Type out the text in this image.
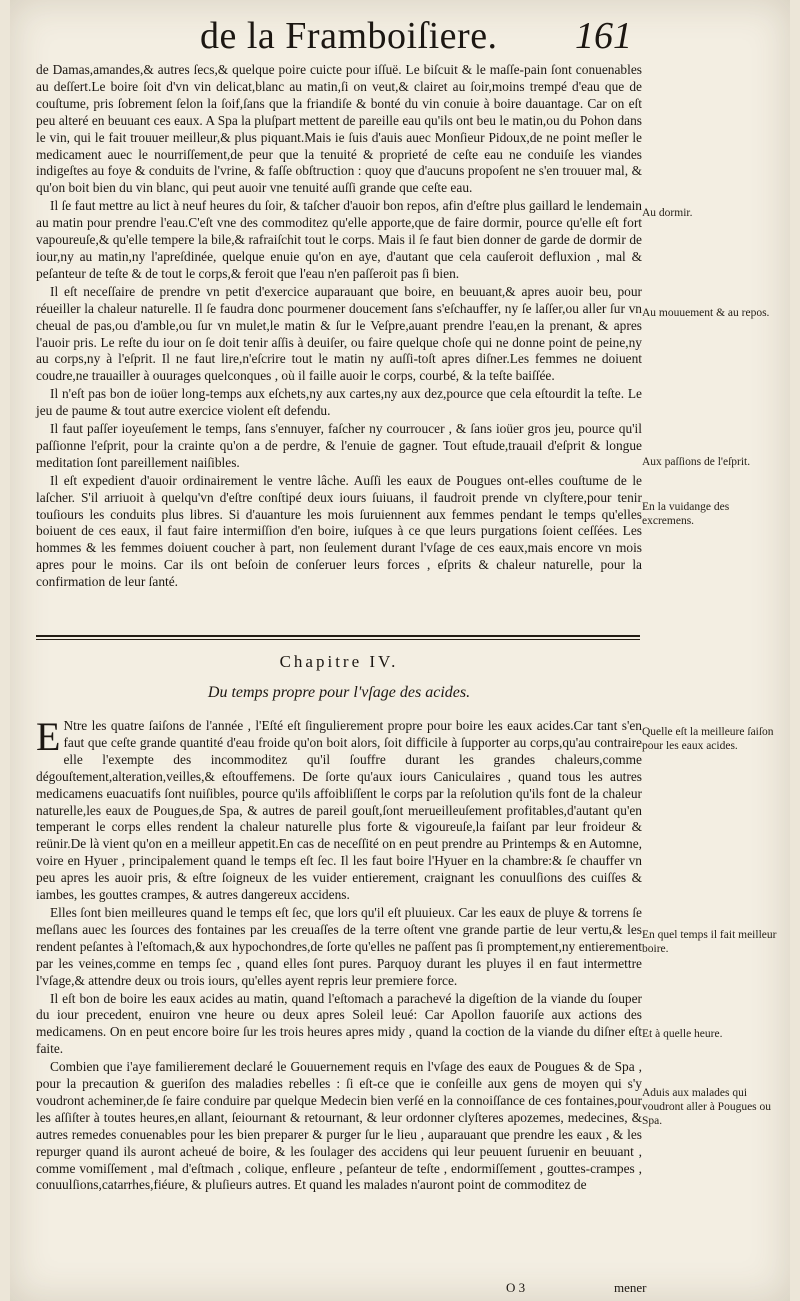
de la Framboiſiere. 161

de Damas,amandes,& autres ſecs,& quelque poire cuicte pour iſſuë. Le biſcuit & le maſſe-pain ſont conuenables au deſſert.Le boire ſoit d'vn vin delicat,blanc au matin,ſi on veut,& clairet au ſoir,moins trempé d'eau que de couſtume, pris ſobrement ſelon la ſoif,ſans que la friandiſe & bonté du vin conuie à boire dauantage. Car on eſt peu alteré en beuuant ces eaux. A Spa la pluſpart mettent de pareille eau qu'ils ont beu le matin,ou du Pohon dans le vin, qui le fait trouuer meilleur,& plus piquant.Mais ie ſuis d'auis auec Monſieur Pidoux,de ne point meſler le medicament auec le nourriſſement,de peur que la tenuité & proprieté de ceſte eau ne conduiſe les viandes indigeſtes au foye & conduits de l'vrine, & faſſe obſtruction : quoy que d'aucuns propoſent ne s'en trouuer mal, & qu'on boit bien du vin blanc, qui peut auoir vne tenuité auſſi grande que ceſte eau.

Il ſe faut mettre au lict à neuf heures du ſoir, & taſcher d'auoir bon repos, afin d'eſtre plus gaillard le lendemain au matin pour prendre l'eau.C'eſt vne des commoditez qu'elle apporte,que de faire dormir, pource qu'elle eſt fort vapoureuſe,& qu'elle tempere la bile,& rafraiſchit tout le corps. Mais il ſe faut bien donner de garde de dormir de iour,ny au matin,ny l'apreſdinée, quelque enuie qu'on en aye, d'autant que cela cauſeroit defluxion , mal & peſanteur de teſte & de tout le corps,& feroit que l'eau n'en paſſeroit pas ſi bien.

Il eſt neceſſaire de prendre vn petit d'exercice auparauant que boire, en beuuant,& apres auoir beu, pour réueiller la chaleur naturelle. Il ſe faudra donc pourmener doucement ſans s'eſchauffer, ny ſe laſſer,ou aller ſur vn cheual de pas,ou d'amble,ou ſur vn mulet,le matin & ſur le Veſpre,auant prendre l'eau,en la prenant, & apres l'auoir pris. Le reſte du iour on ſe doit tenir aſſis à deuiſer, ou faire quelque choſe qui ne donne point de peine,ny au corps,ny à l'eſprit. Il ne faut lire,n'eſcrire tout le matin ny auſſi-toſt apres diſner.Les femmes ne doiuent coudre,ne trauailler à ouurages quelconques , où il faille auoir le corps, courbé, & la teſte baiſſée.

Il n'eſt pas bon de ioüer long-temps aux eſchets,ny aux cartes,ny aux dez,pource que cela eſtourdit la teſte. Le jeu de paume & tout autre exercice violent eſt defendu.

Il faut paſſer ioyeuſement le temps, ſans s'ennuyer, faſcher ny courroucer , & ſans ioüer gros jeu, pource qu'il paſſionne l'eſprit, pour la crainte qu'on a de perdre, & l'enuie de gagner. Tout eſtude,trauail d'eſprit & longue meditation ſont pareillement naiſibles.

Il eſt expedient d'auoir ordinairement le ventre lâche. Auſſi les eaux de Pougues ont-elles couſtume de le laſcher. S'il arriuoit à quelqu'vn d'eſtre conſtipé deux iours ſuiuans, il faudroit prende vn clyſtere,pour tenir touſiours les conduits plus libres. Si d'auanture les mois ſuruiennent aux femmes pendant le temps qu'elles boiuent de ces eaux, il faut faire intermiſſion d'en boire, iuſques à ce que leurs purgations ſoient ceſſées. Les hommes & les femmes doiuent coucher à part, non ſeulement durant l'vſage de ces eaux,mais encore vn mois apres pour le moins. Car ils ont beſoin de conſeruer leurs forces , eſprits & chaleur naturelle, pour la confirmation de leur ſanté.

Chapitre IV.
Du temps propre pour l'vſage des acides.

E Ntre les quatre ſaiſons de l'année , l'Eſté eſt ſingulierement propre pour boire les eaux acides.Car tant s'en faut que ceſte grande quantité d'eau froide qu'on boit alors, ſoit difficile à ſupporter au corps,qu'au contraire elle l'exempte des incommoditez qu'il ſouffre durant les grandes chaleurs,comme dégouſtement,alteration,veilles,& eſtouffemens. De ſorte qu'aux iours Caniculaires , quand tous les autres medicamens euacuatifs ſont nuiſibles, pource qu'ils affoibliſſent le corps par la reſolution qu'ils font de la chaleur naturelle,les eaux de Pougues,de Spa, & autres de pareil gouſt,ſont merueilleuſement profitables,d'autant qu'en temperant le corps elles rendent la chaleur naturelle plus forte & vigoureuſe,la faiſant par leur froideur & reünir.De là vient qu'on en a meilleur appetit.En cas de neceſſité on en peut prendre au Printemps & en Automne, voire en Hyuer , principalement quand le temps eſt ſec. Il les faut boire l'Hyuer en la chambre:& ſe chauffer vn peu apres les auoir pris, & eſtre ſoigneux de les vuider entierement, craignant les conuulſions des cuiſſes & iambes, les gouttes crampes, & autres dangereux accidens.

Elles ſont bien meilleures quand le temps eſt ſec, que lors qu'il eſt pluuieux. Car les eaux de pluye & torrens ſe meſlans auec les ſources des fontaines par les creuaſſes de la terre oſtent vne grande partie de leur vertu,& les rendent peſantes à l'eſtomach,& aux hypochondres,de ſorte qu'elles ne paſſent pas ſi promptement,ny entierement par les veines,comme en temps ſec , quand elles ſont pures. Parquoy durant les pluyes il en faut intermettre l'vſage,& attendre deux ou trois iours, qu'elles ayent repris leur premiere force.

Il eſt bon de boire les eaux acides au matin, quand l'eſtomach a parachevé la digeſtion de la viande du ſouper du iour precedent, enuiron vne heure ou deux apres Soleil leué: Car Apollon fauoriſe aux actions des medicamens. On en peut encore boire ſur les trois heures apres midy , quand la coction de la viande du diſner eſt faite.

Combien que i'aye familierement declaré le Gouuernement requis en l'vſage des eaux de Pougues & de Spa , pour la precaution & gueriſon des maladies rebelles : ſi eſt-ce que ie conſeille aux gens de moyen qui s'y voudront acheminer,de ſe faire conduire par quelque Medecin bien verſé en la connoiſſance de ces fontaines,pour les aſſiſter à toutes heures,en allant, ſeiournant & retournant, & leur ordonner clyſteres apozemes, medecines, & autres remedes conuenables pour les bien preparer & purger ſur le lieu , auparauant que prendre les eaux , & les repurger quand ils auront acheué de boire, & les ſoulager des accidens qui leur peuuent ſuruenir en beuuant , comme vomiſſement , mal d'eſtmach , colique, enfleure , peſanteur de teſte , endormiſſement , gouttes-crampes , conuulſions,catarrhes,fiéure, & pluſieurs autres. Et quand les malades n'auront point de commoditez de

Au dormir.
Au mouuement & au repos.
Aux paſſions de l'eſprit.
En la vuidange des excremens.
Quelle eſt la meilleure ſaiſon pour les eaux acides.
En quel temps il fait meilleur boire.
Et à quelle heure.
Aduis aux malades qui voudront aller à Pougues ou Spa.
O 3	mener
